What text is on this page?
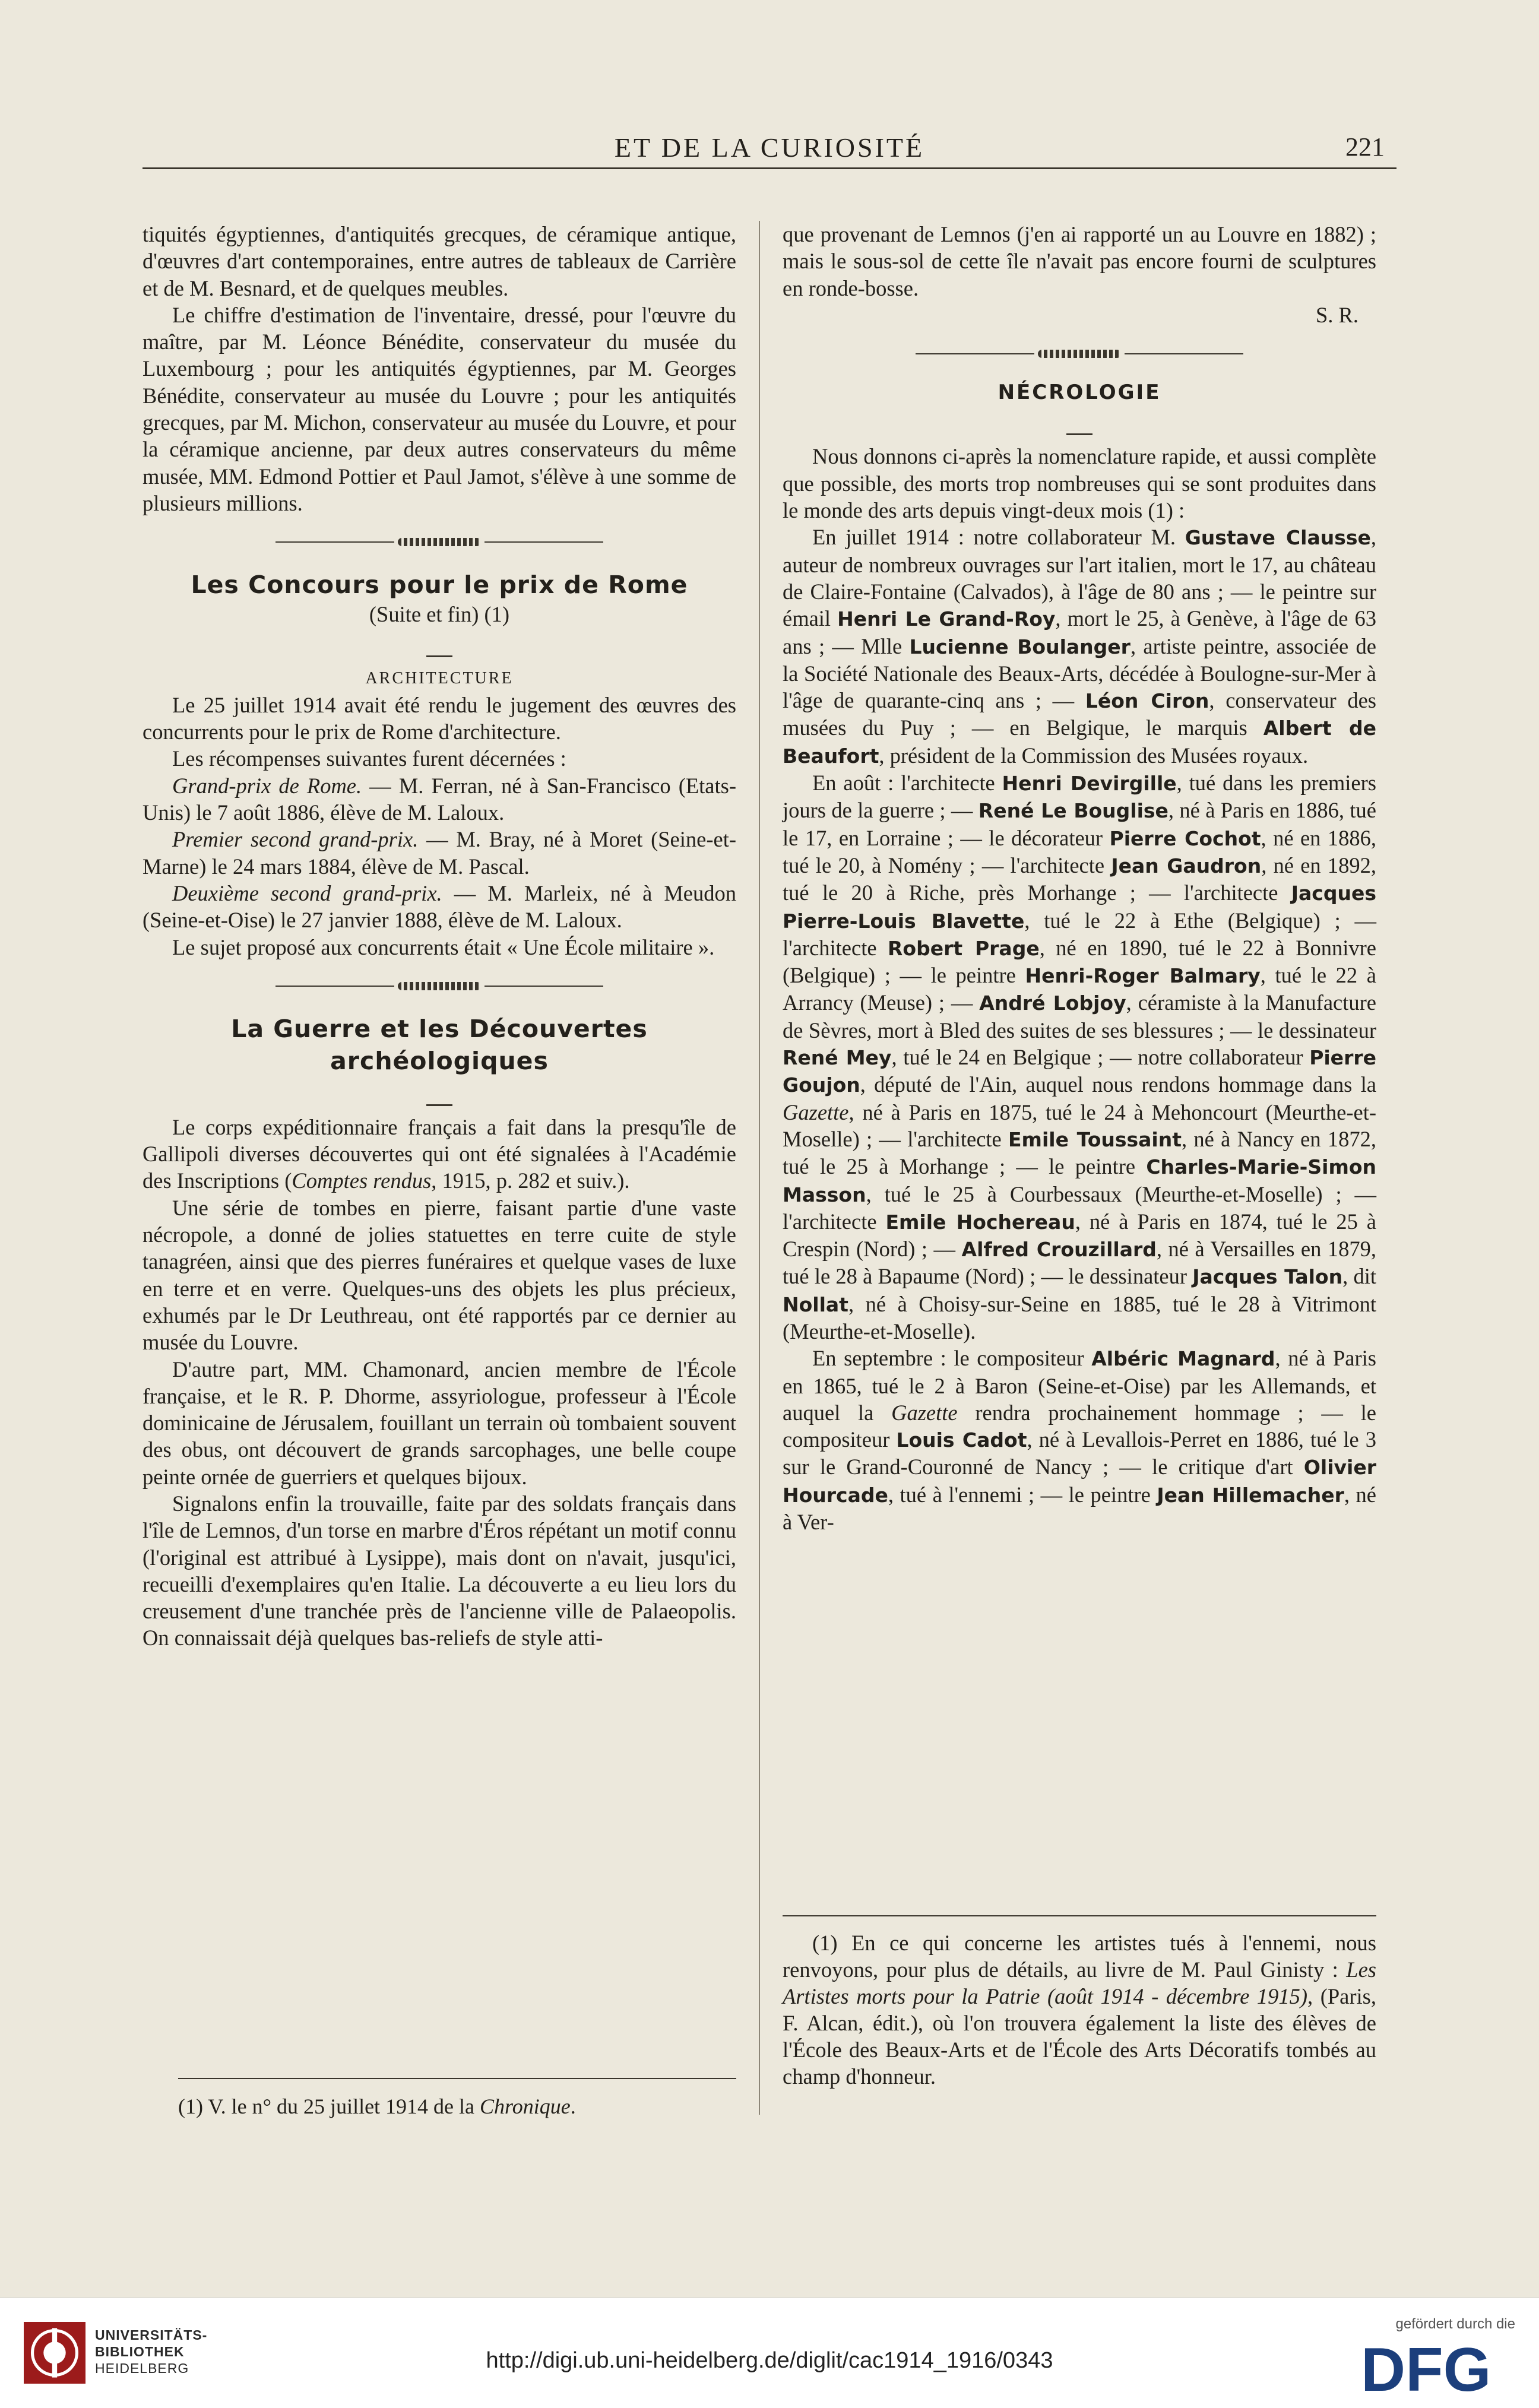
ET DE LA CURIOSITÉ	221

tiquités égyptiennes, d'antiquités grecques, de céramique antique, d'œuvres d'art contemporaines, entre autres de tableaux de Carrière et de M. Besnard, et de quelques meubles.

Le chiffre d'estimation de l'inventaire, dressé, pour l'œuvre du maître, par M. Léonce Bénédite, conservateur du musée du Luxembourg ; pour les antiquités égyptiennes, par M. Georges Bénédite, conservateur au musée du Louvre ; pour les antiquités grecques, par M. Michon, conservateur au musée du Louvre, et pour la céramique ancienne, par deux autres conservateurs du même musée, MM. Edmond Pottier et Paul Jamot, s'élève à une somme de plusieurs millions.

Les Concours pour le prix de Rome
(Suite et fin) (1)
ARCHITECTURE

Le 25 juillet 1914 avait été rendu le jugement des œuvres des concurrents pour le prix de Rome d'architecture.

Les récompenses suivantes furent décernées :

Grand-prix de Rome. — M. Ferran, né à San-Francisco (Etats-Unis) le 7 août 1886, élève de M. Laloux.

Premier second grand-prix. — M. Bray, né à Moret (Seine-et-Marne) le 24 mars 1884, élève de M. Pascal.

Deuxième second grand-prix. — M. Marleix, né à Meudon (Seine-et-Oise) le 27 janvier 1888, élève de M. Laloux.

Le sujet proposé aux concurrents était « Une École militaire ».

La Guerre et les Découvertes archéologiques

Le corps expéditionnaire français a fait dans la presqu'île de Gallipoli diverses découvertes qui ont été signalées à l'Académie des Inscriptions (Comptes rendus, 1915, p. 282 et suiv.).

Une série de tombes en pierre, faisant partie d'une vaste nécropole, a donné de jolies statuettes en terre cuite de style tanagréen, ainsi que des pierres funéraires et quelque vases de luxe en terre et en verre. Quelques-uns des objets les plus précieux, exhumés par le Dr Leuthreau, ont été rapportés par ce dernier au musée du Louvre.

D'autre part, MM. Chamonard, ancien membre de l'École française, et le R. P. Dhorme, assyriologue, professeur à l'École dominicaine de Jérusalem, fouillant un terrain où tombaient souvent des obus, ont découvert de grands sarcophages, une belle coupe peinte ornée de guerriers et quelques bijoux.

Signalons enfin la trouvaille, faite par des soldats français dans l'île de Lemnos, d'un torse en marbre d'Éros répétant un motif connu (l'original est attribué à Lysippe), mais dont on n'avait, jusqu'ici, recueilli d'exemplaires qu'en Italie. La découverte a eu lieu lors du creusement d'une tranchée près de l'ancienne ville de Palaeopolis. On connaissait déjà quelques bas-reliefs de style atti-

(1) V. le n° du 25 juillet 1914 de la Chronique.

que provenant de Lemnos (j'en ai rapporté un au Louvre en 1882) ; mais le sous-sol de cette île n'avait pas encore fourni de sculptures en ronde-bosse.

S. R.

NÉCROLOGIE

Nous donnons ci-après la nomenclature rapide, et aussi complète que possible, des morts trop nombreuses qui se sont produites dans le monde des arts depuis vingt-deux mois (1) :

En juillet 1914 : notre collaborateur M. Gustave Clausse, auteur de nombreux ouvrages sur l'art italien, mort le 17, au château de Claire-Fontaine (Calvados), à l'âge de 80 ans ; — le peintre sur émail Henri Le Grand-Roy, mort le 25, à Genève, à l'âge de 63 ans ; — Mlle Lucienne Boulanger, artiste peintre, associée de la Société Nationale des Beaux-Arts, décédée à Boulogne-sur-Mer à l'âge de quarante-cinq ans ; — Léon Ciron, conservateur des musées du Puy ; — en Belgique, le marquis Albert de Beaufort, président de la Commission des Musées royaux.

En août : l'architecte Henri Devirgille, tué dans les premiers jours de la guerre ; — René Le Bouglise, né à Paris en 1886, tué le 17, en Lorraine ; — le décorateur Pierre Cochot, né en 1886, tué le 20, à Nomény ; — l'architecte Jean Gaudron, né en 1892, tué le 20 à Riche, près Morhange ; — l'architecte Jacques Pierre-Louis Blavette, tué le 22 à Ethe (Belgique) ; — l'architecte Robert Prage, né en 1890, tué le 22 à Bonnivre (Belgique) ; — le peintre Henri-Roger Balmary, tué le 22 à Arrancy (Meuse) ; — André Lobjoy, céramiste à la Manufacture de Sèvres, mort à Bled des suites de ses blessures ; — le dessinateur René Mey, tué le 24 en Belgique ; — notre collaborateur Pierre Goujon, député de l'Ain, auquel nous rendons hommage dans la Gazette, né à Paris en 1875, tué le 24 à Mehoncourt (Meurthe-et-Moselle) ; — l'architecte Emile Toussaint, né à Nancy en 1872, tué le 25 à Morhange ; — le peintre Charles-Marie-Simon Masson, tué le 25 à Courbessaux (Meurthe-et-Moselle) ; — l'architecte Emile Hochereau, né à Paris en 1874, tué le 25 à Crespin (Nord) ; — Alfred Crouzillard, né à Versailles en 1879, tué le 28 à Bapaume (Nord) ; — le dessinateur Jacques Talon, dit Nollat, né à Choisy-sur-Seine en 1885, tué le 28 à Vitrimont (Meurthe-et-Moselle).

En septembre : le compositeur Albéric Magnard, né à Paris en 1865, tué le 2 à Baron (Seine-et-Oise) par les Allemands, et auquel la Gazette rendra prochainement hommage ; — le compositeur Louis Cadot, né à Levallois-Perret en 1886, tué le 3 sur le Grand-Couronné de Nancy ; — le critique d'art Olivier Hourcade, tué à l'ennemi ; — le peintre Jean Hillemacher, né à Ver-

(1) En ce qui concerne les artistes tués à l'ennemi, nous renvoyons, pour plus de détails, au livre de M. Paul Ginisty : Les Artistes morts pour la Patrie (août 1914 - décembre 1915), (Paris, F. Alcan, édit.), où l'on trouvera également la liste des élèves de l'École des Beaux-Arts et de l'École des Arts Décoratifs tombés au champ d'honneur.

UNIVERSITÄTS-
BIBLIOTHEK
HEIDELBERG	http://digi.ub.uni-heidelberg.de/diglit/cac1914_1916/0343
gefördert durch die
DFG
